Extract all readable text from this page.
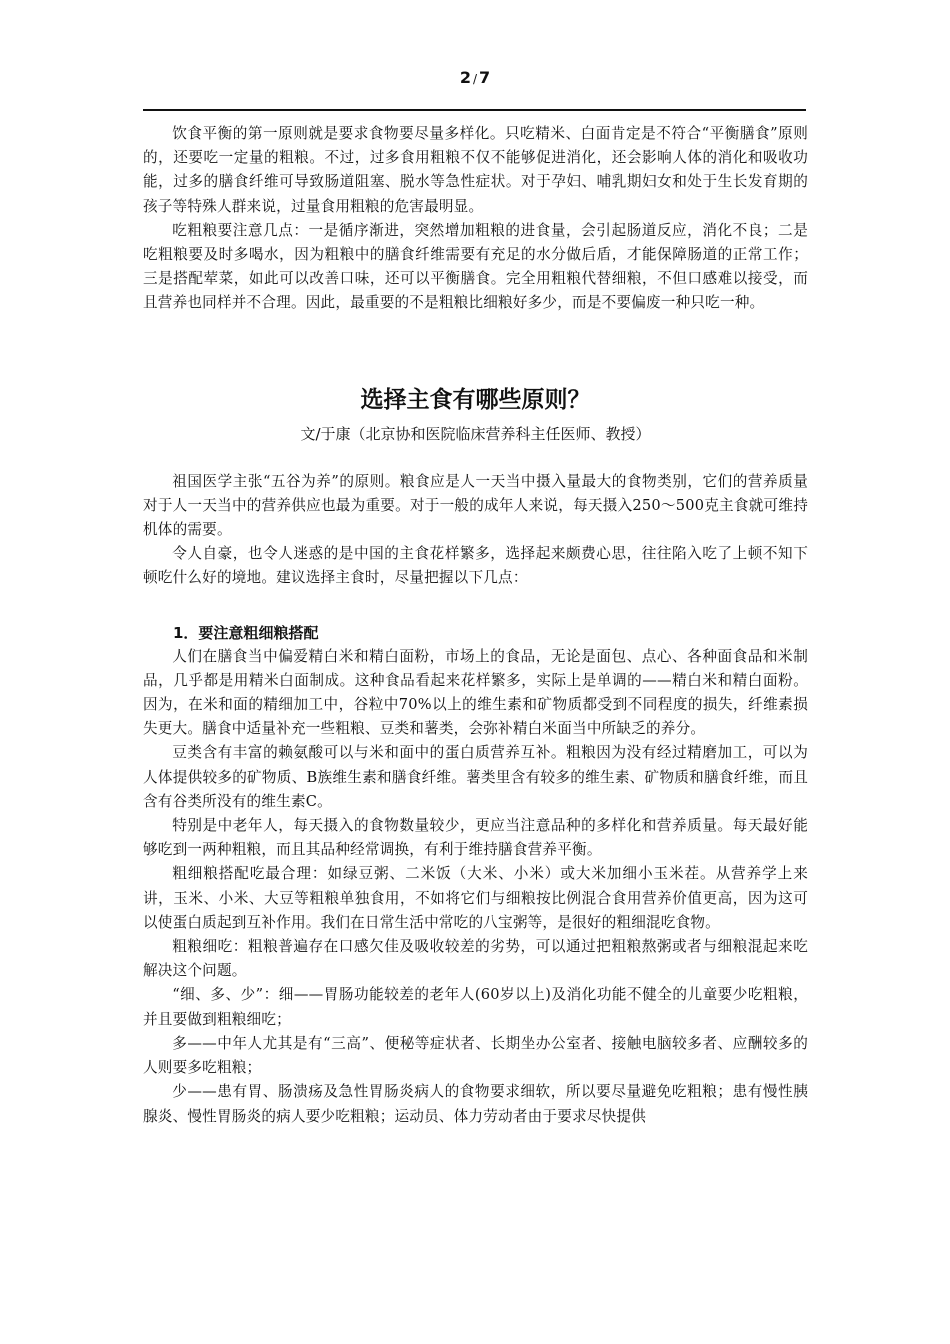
2 / 7

饮食平衡的第一原则就是要求食物要尽量多样化。只吃精米、白面肯定是不符合“平衡膳食”原则的，还要吃一定量的粗粮。不过，过多食用粗粮不仅不能够促进消化，还会影响人体的消化和吸收功能，过多的膳食纤维可导致肠道阻塞、脱水等急性症状。对于孕妇、哺乳期妇女和处于生长发育期的孩子等特殊人群来说，过量食用粗粮的危害最明显。

吃粗粮要注意几点：一是循序渐进，突然增加粗粮的进食量，会引起肠道反应，消化不良；二是吃粗粮要及时多喝水，因为粗粮中的膳食纤维需要有充足的水分做后盾，才能保障肠道的正常工作；三是搭配荤菜，如此可以改善口味，还可以平衡膳食。完全用粗粮代替细粮，不但口感难以接受，而且营养也同样并不合理。因此，最重要的不是粗粮比细粮好多少，而是不要偏废一种只吃一种。

选择主食有哪些原则？
文/于康（北京协和医院临床营养科主任医师、教授）

祖国医学主张“五谷为养”的原则。粮食应是人一天当中摄入量最大的食物类别，它们的营养质量对于人一天当中的营养供应也最为重要。对于一般的成年人来说，每天摄入250～500克主食就可维持机体的需要。

令人自豪，也令人迷惑的是中国的主食花样繁多，选择起来颇费心思，往往陷入吃了上顿不知下顿吃什么好的境地。建议选择主食时，尽量把握以下几点：

1．要注意粗细粮搭配

人们在膳食当中偏爱精白米和精白面粉，市场上的食品，无论是面包、点心、各种面食品和米制品，几乎都是用精米白面制成。这种食品看起来花样繁多，实际上是单调的——精白米和精白面粉。因为，在米和面的精细加工中，谷粒中70%以上的维生素和矿物质都受到不同程度的损失，纤维素损失更大。膳食中适量补充一些粗粮、豆类和薯类，会弥补精白米面当中所缺乏的养分。

豆类含有丰富的赖氨酸可以与米和面中的蛋白质营养互补。粗粮因为没有经过精磨加工，可以为人体提供较多的矿物质、B族维生素和膳食纤维。薯类里含有较多的维生素、矿物质和膳食纤维，而且含有谷类所没有的维生素C。

特别是中老年人，每天摄入的食物数量较少，更应当注意品种的多样化和营养质量。每天最好能够吃到一两种粗粮，而且其品种经常调换，有利于维持膳食营养平衡。

粗细粮搭配吃最合理：如绿豆粥、二米饭（大米、小米）或大米加细小玉米茬。从营养学上来讲，玉米、小米、大豆等粗粮单独食用，不如将它们与细粮按比例混合食用营养价值更高，因为这可以使蛋白质起到互补作用。我们在日常生活中常吃的八宝粥等，是很好的粗细混吃食物。

粗粮细吃：粗粮普遍存在口感欠佳及吸收较差的劣势，可以通过把粗粮熬粥或者与细粮混起来吃解决这个问题。

“细、多、少”：细——胃肠功能较差的老年人(60岁以上)及消化功能不健全的儿童要少吃粗粮，并且要做到粗粮细吃；

多——中年人尤其是有“三高”、便秘等症状者、长期坐办公室者、接触电脑较多者、应酬较多的人则要多吃粗粮；

少——患有胃、肠溃疡及急性胃肠炎病人的食物要求细软，所以要尽量避免吃粗粮；患有慢性胰腺炎、慢性胃肠炎的病人要少吃粗粮；运动员、体力劳动者由于要求尽快提供
